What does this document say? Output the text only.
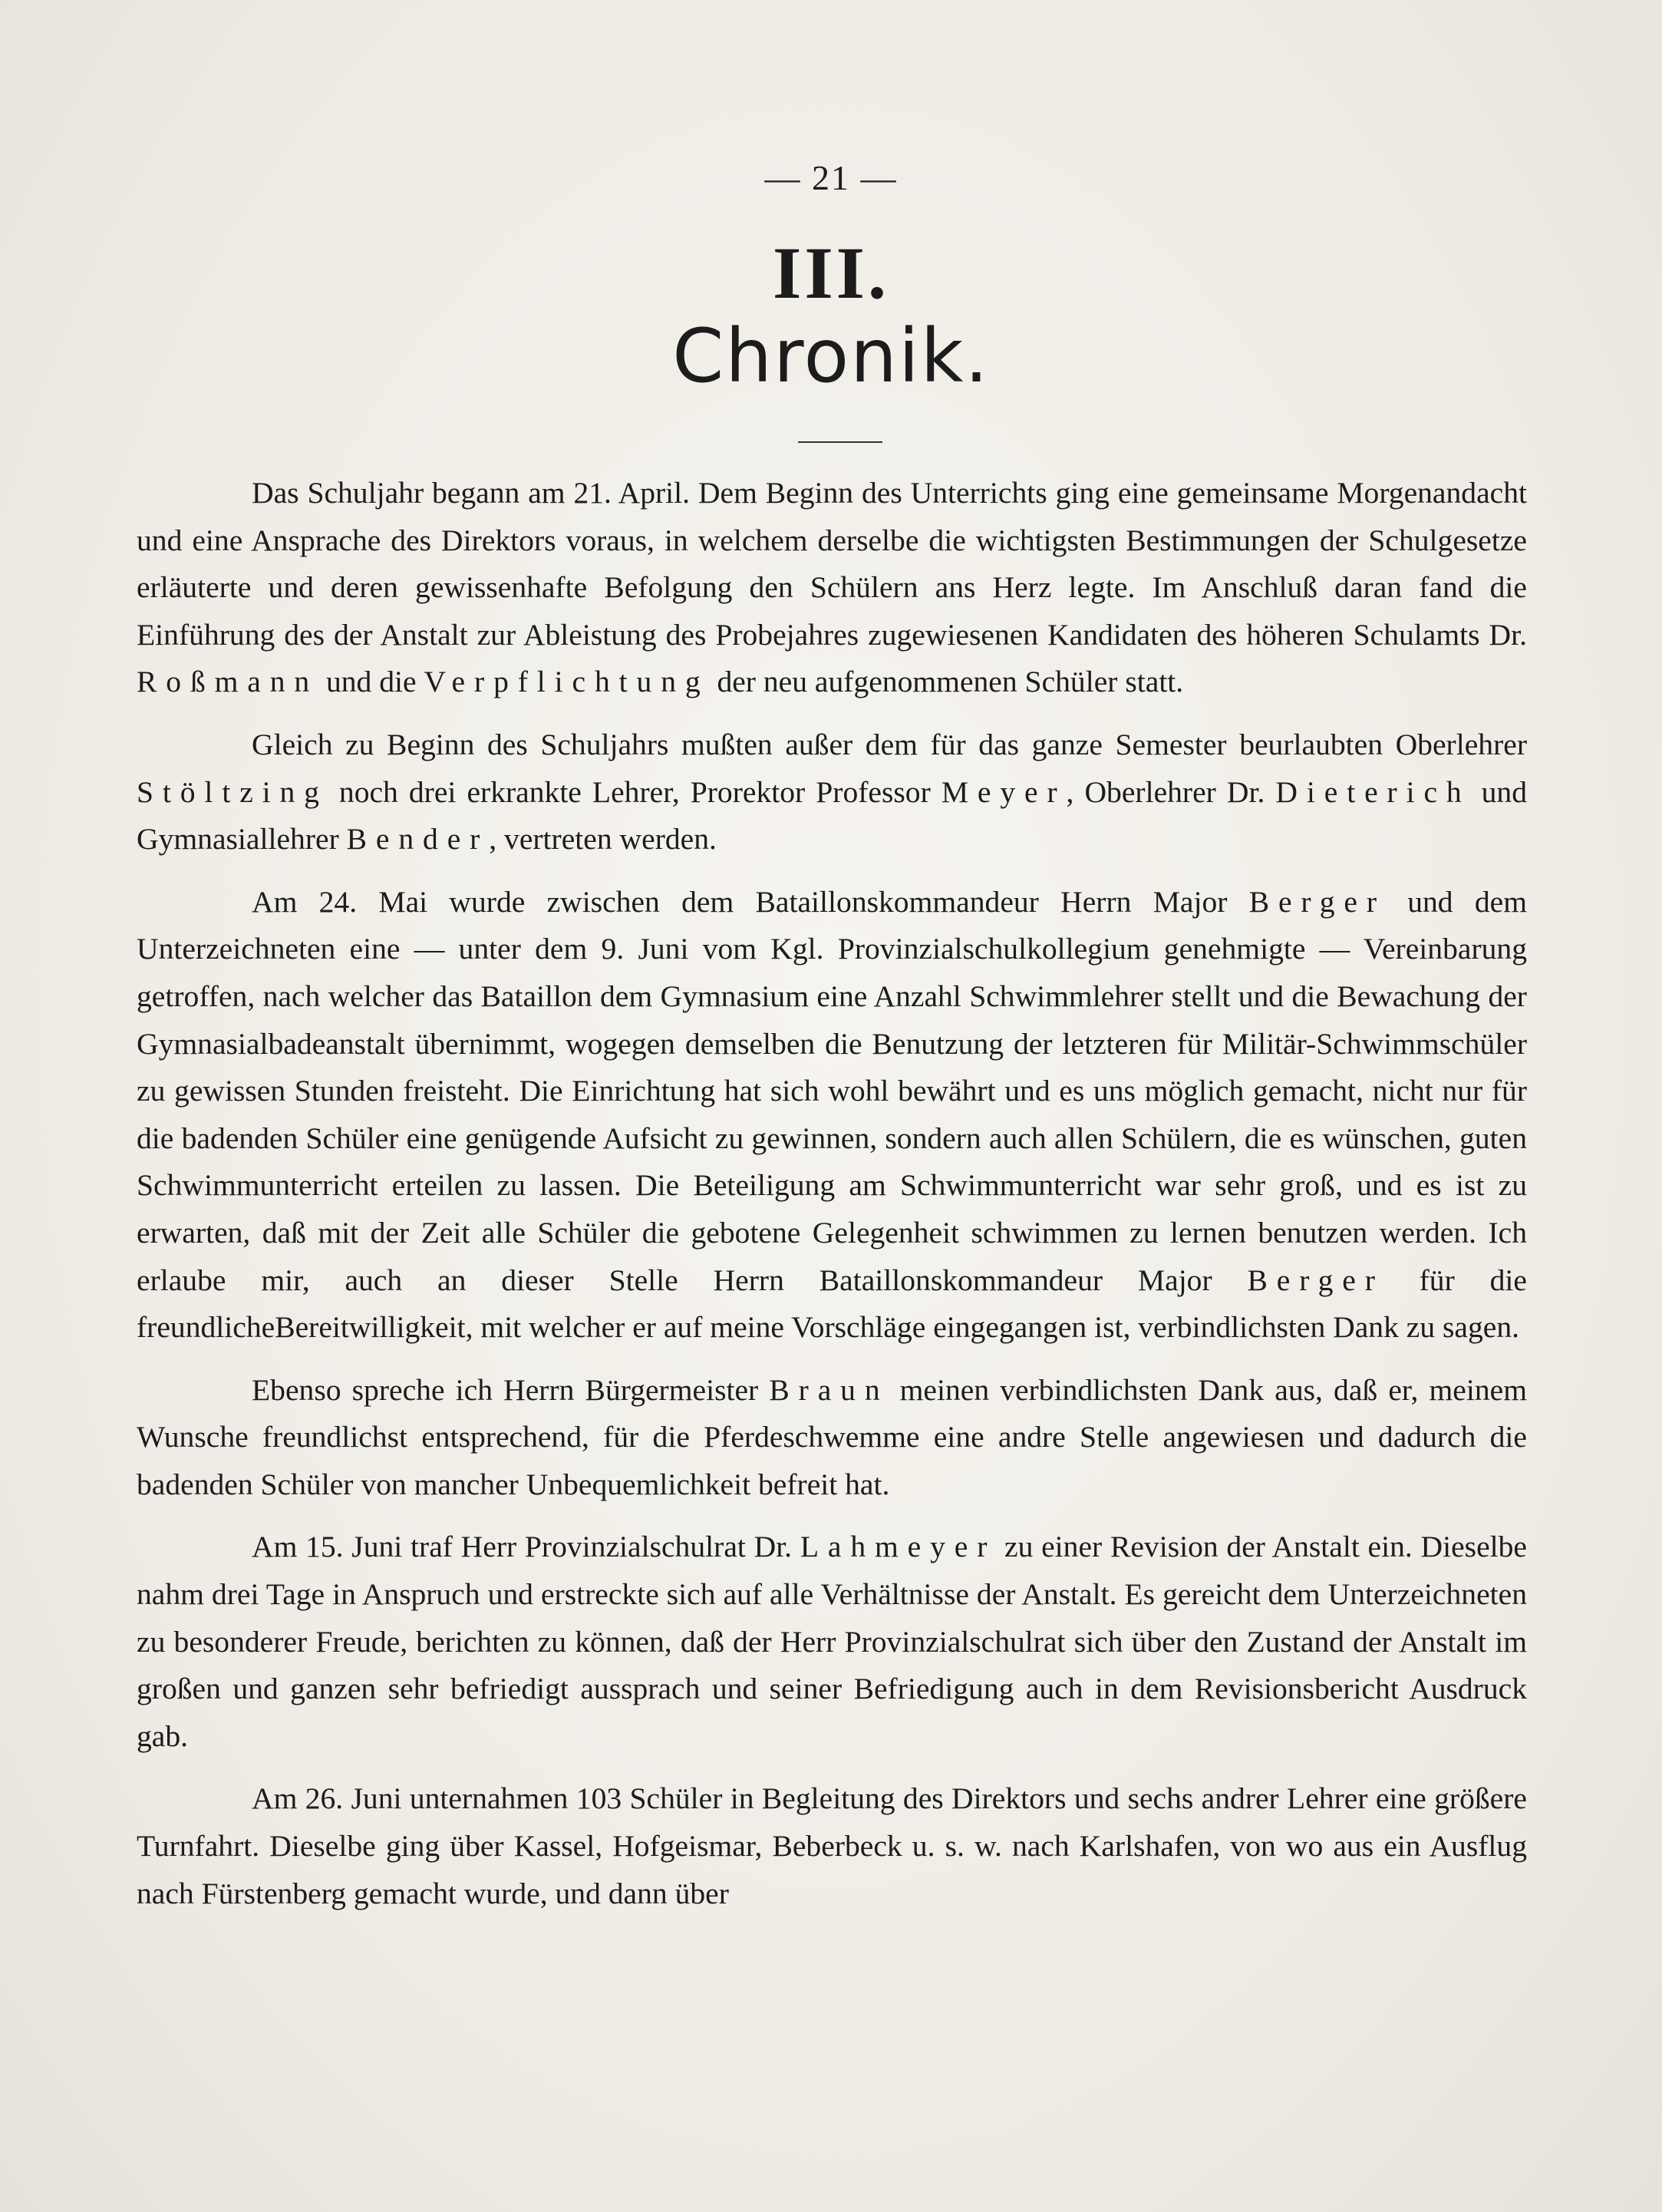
— 21 —
III.
Chronik.

Das Schuljahr begann am 21. April. Dem Beginn des Unterrichts ging eine gemeinsame Morgenandacht und eine Ansprache des Direktors voraus, in welchem derselbe die wichtigsten Bestimmungen der Schulgesetze erläuterte und deren gewissenhafte Befolgung den Schülern ans Herz legte. Im Anschluß daran fand die Einführung des der Anstalt zur Ableistung des Probejahres zugewiesenen Kandidaten des höheren Schulamts Dr. Roßmann und die Verpflichtung der neu aufgenommenen Schüler statt.

Gleich zu Beginn des Schuljahrs mußten außer dem für das ganze Semester beurlaubten Oberlehrer Stöltzing noch drei erkrankte Lehrer, Prorektor Professor Meyer, Oberlehrer Dr. Dieterich und Gymnasiallehrer Bender, vertreten werden.

Am 24. Mai wurde zwischen dem Bataillonskommandeur Herrn Major Berger und dem Unterzeichneten eine — unter dem 9. Juni vom Kgl. Provinzialschulkollegium genehmigte — Vereinbarung getroffen, nach welcher das Bataillon dem Gymnasium eine Anzahl Schwimmlehrer stellt und die Bewachung der Gymnasialbadeanstalt übernimmt, wogegen demselben die Benutzung der letzteren für Militär-Schwimmschüler zu gewissen Stunden freisteht. Die Einrichtung hat sich wohl bewährt und es uns möglich gemacht, nicht nur für die badenden Schüler eine genügende Aufsicht zu gewinnen, sondern auch allen Schülern, die es wünschen, guten Schwimmunterricht erteilen zu lassen. Die Beteiligung am Schwimmunterricht war sehr groß, und es ist zu erwarten, daß mit der Zeit alle Schüler die gebotene Gelegenheit schwimmen zu lernen benutzen werden. Ich erlaube mir, auch an dieser Stelle Herrn Bataillonskommandeur Major Berger für die freundlicheBereitwilligkeit, mit welcher er auf meine Vorschläge eingegangen ist, verbindlichsten Dank zu sagen.

Ebenso spreche ich Herrn Bürgermeister Braun meinen verbindlichsten Dank aus, daß er, meinem Wunsche freundlichst entsprechend, für die Pferdeschwemme eine andre Stelle angewiesen und dadurch die badenden Schüler von mancher Unbequemlichkeit befreit hat.

Am 15. Juni traf Herr Provinzialschulrat Dr. Lahmeyer zu einer Revision der Anstalt ein. Dieselbe nahm drei Tage in Anspruch und erstreckte sich auf alle Verhältnisse der Anstalt. Es gereicht dem Unterzeichneten zu besonderer Freude, berichten zu können, daß der Herr Provinzialschulrat sich über den Zustand der Anstalt im großen und ganzen sehr befriedigt aussprach und seiner Befriedigung auch in dem Revisionsbericht Ausdruck gab.

Am 26. Juni unternahmen 103 Schüler in Begleitung des Direktors und sechs andrer Lehrer eine größere Turnfahrt. Dieselbe ging über Kassel, Hofgeismar, Beberbeck u. s. w. nach Karlshafen, von wo aus ein Ausflug nach Fürstenberg gemacht wurde, und dann über
